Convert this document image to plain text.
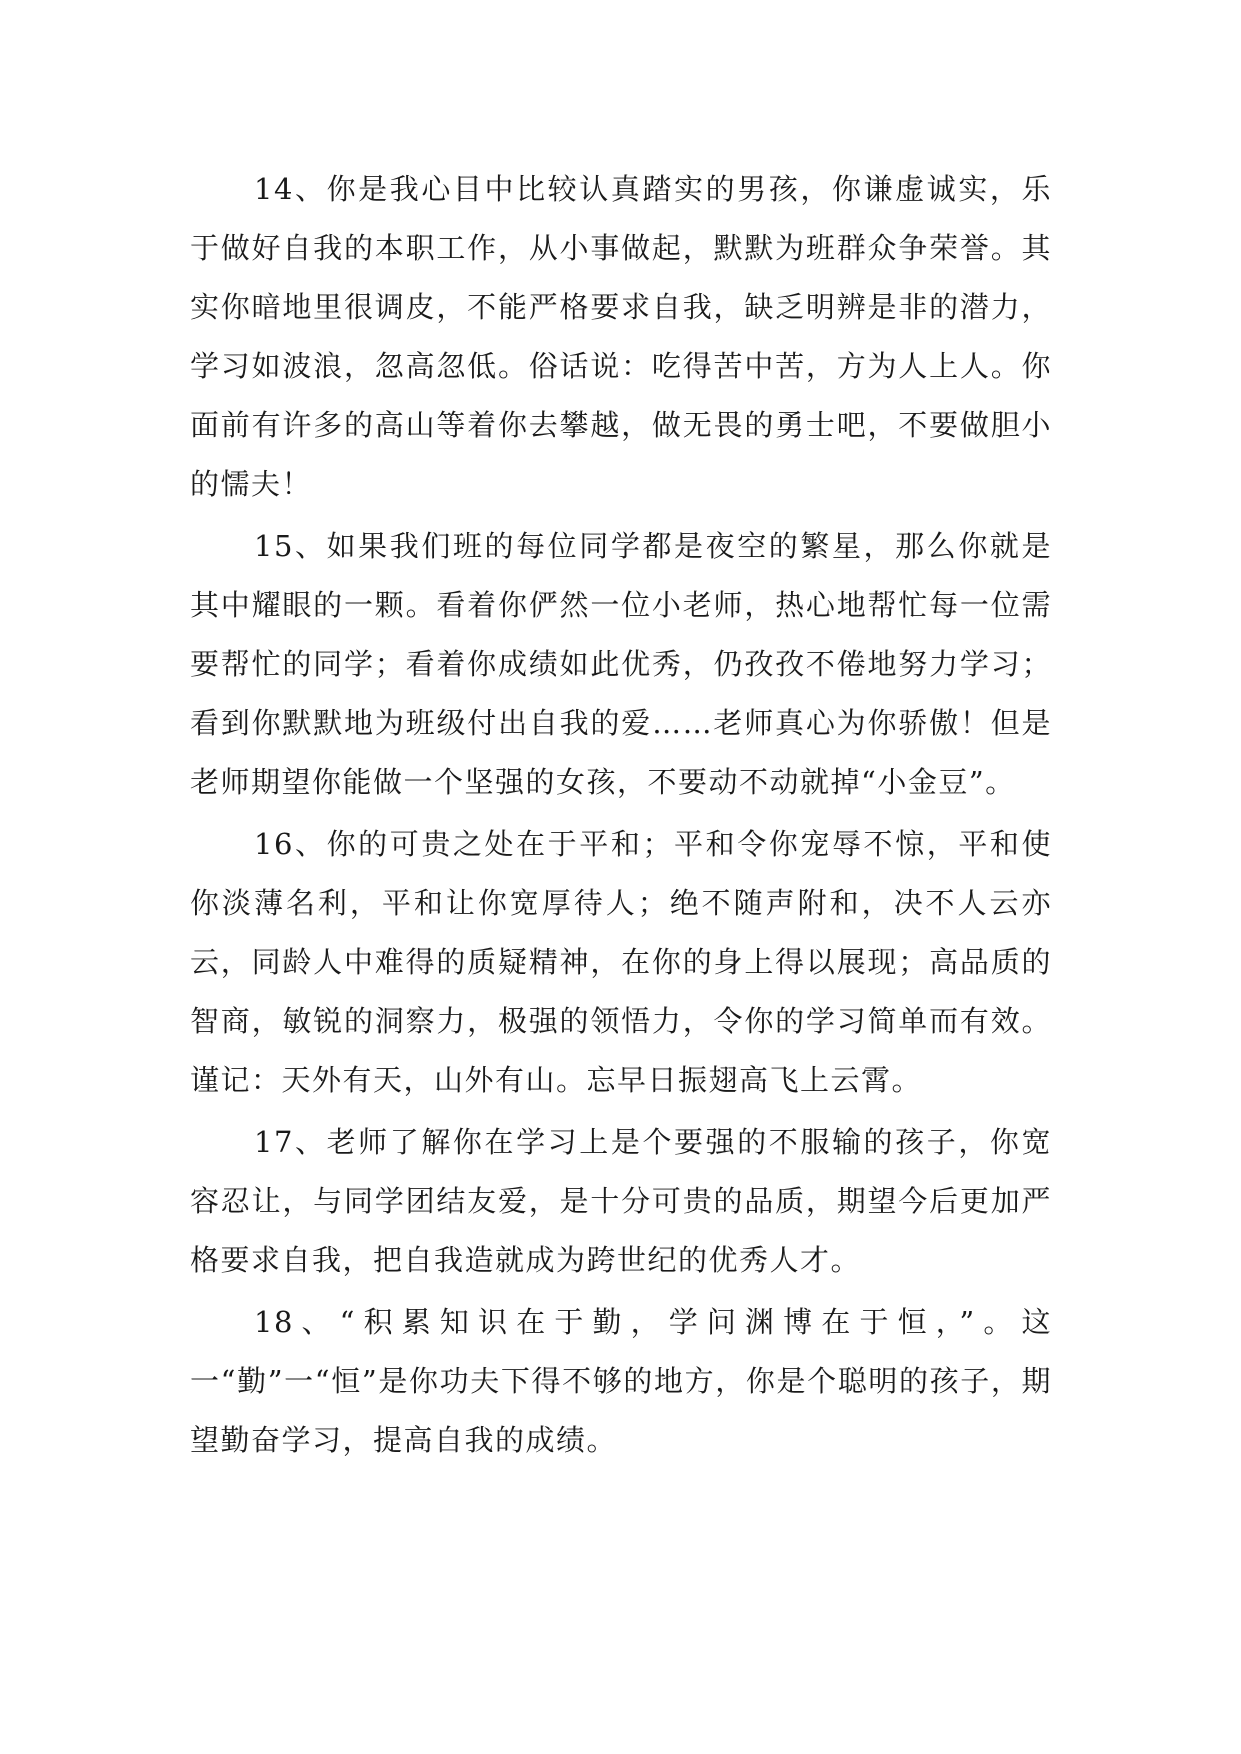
14、你是我心目中比较认真踏实的男孩，你谦虚诚实，乐于做好自我的本职工作，从小事做起，默默为班群众争荣誉。其实你暗地里很调皮，不能严格要求自我，缺乏明辨是非的潜力，学习如波浪，忽高忽低。俗话说：吃得苦中苦，方为人上人。你面前有许多的高山等着你去攀越，做无畏的勇士吧，不要做胆小的懦夫！

15、如果我们班的每位同学都是夜空的繁星，那么你就是其中耀眼的一颗。看着你俨然一位小老师，热心地帮忙每一位需要帮忙的同学；看着你成绩如此优秀，仍孜孜不倦地努力学习；看到你默默地为班级付出自我的爱……老师真心为你骄傲！但是老师期望你能做一个坚强的女孩，不要动不动就掉“小金豆”。

16、你的可贵之处在于平和；平和令你宠辱不惊，平和使你淡薄名利，平和让你宽厚待人；绝不随声附和，决不人云亦云，同龄人中难得的质疑精神，在你的身上得以展现；高品质的智商，敏锐的洞察力，极强的领悟力，令你的学习简单而有效。谨记：天外有天，山外有山。忘早日振翅高飞上云霄。

17、老师了解你在学习上是个要强的不服输的孩子，你宽容忍让，与同学团结友爱，是十分可贵的品质，期望今后更加严格要求自我，把自我造就成为跨世纪的优秀人才。

18、“积累知识在于勤，学问渊博在于恒，”。这一“勤”一“恒”是你功夫下得不够的地方，你是个聪明的孩子，期望勤奋学习，提高自我的成绩。
